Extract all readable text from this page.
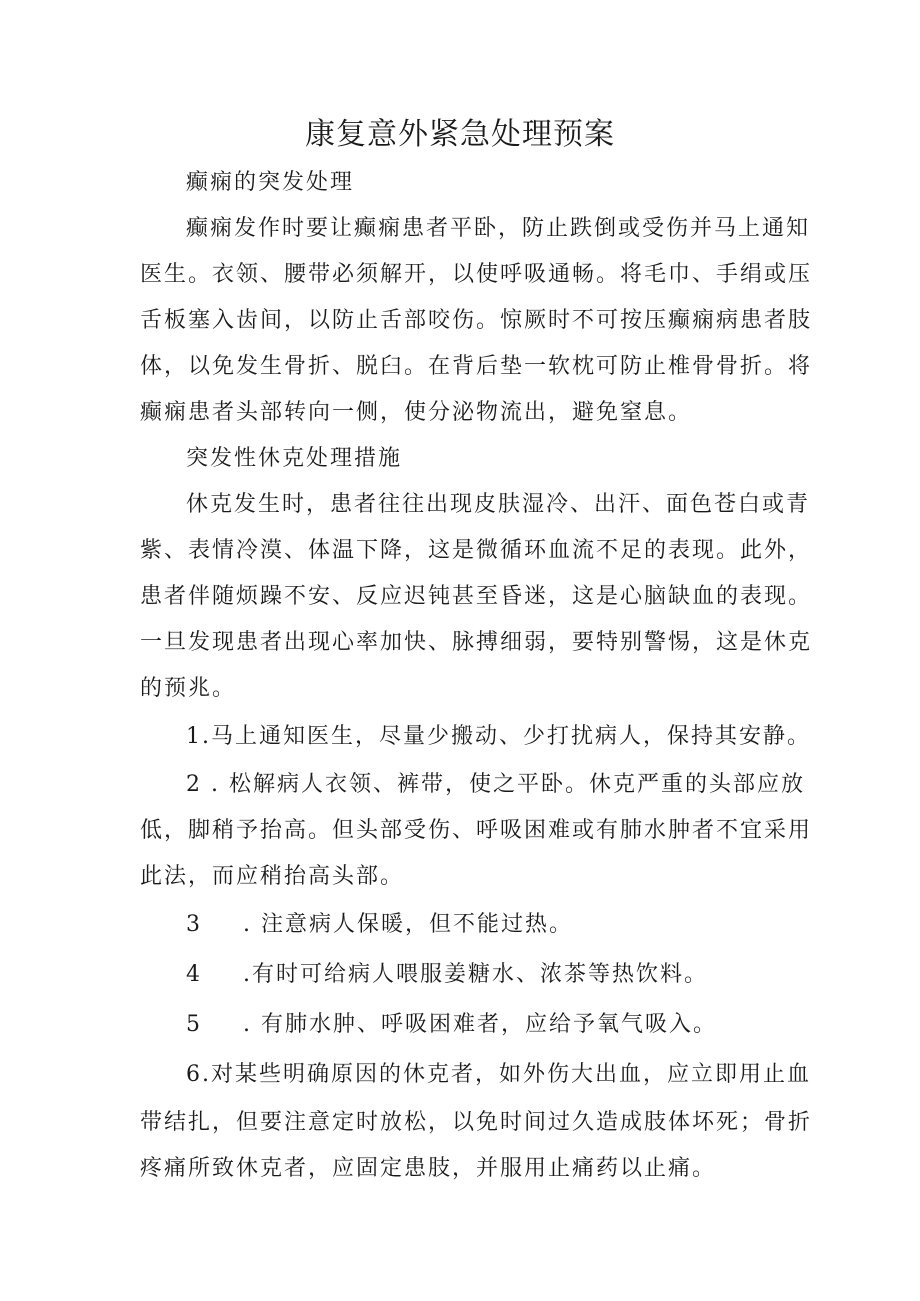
康复意外紧急处理预案
癫痫的突发处理
癫痫发作时要让癫痫患者平卧，防止跌倒或受伤并马上通知
医生。衣领、腰带必须解开，以使呼吸通畅。将毛巾、手绢或压
舌板塞入齿间，以防止舌部咬伤。惊厥时不可按压癫痫病患者肢
体，以免发生骨折、脱臼。在背后垫一软枕可防止椎骨骨折。将
癫痫患者头部转向一侧，使分泌物流出，避免窒息。
突发性休克处理措施
休克发生时，患者往往出现皮肤湿冷、出汗、面色苍白或青
紫、表情冷漠、体温下降，这是微循环血流不足的表现。此外，
患者伴随烦躁不安、反应迟钝甚至昏迷，这是心脑缺血的表现。
一旦发现患者出现心率加快、脉搏细弱，要特别警惕，这是休克
的预兆。
1.马上通知医生，尽量少搬动、少打扰病人，保持其安静。
2 . 松解病人衣领、裤带，使之平卧。休克严重的头部应放
低，脚稍予抬高。但头部受伤、呼吸困难或有肺水肿者不宜采用
此法，而应稍抬高头部。
3 . 注意病人保暖，但不能过热。
4 .有时可给病人喂服姜糖水、浓茶等热饮料。
5 . 有肺水肿、呼吸困难者，应给予氧气吸入。
6.对某些明确原因的休克者，如外伤大出血，应立即用止血
带结扎，但要注意定时放松，以免时间过久造成肢体坏死；骨折
疼痛所致休克者，应固定患肢，并服用止痛药以止痛。
